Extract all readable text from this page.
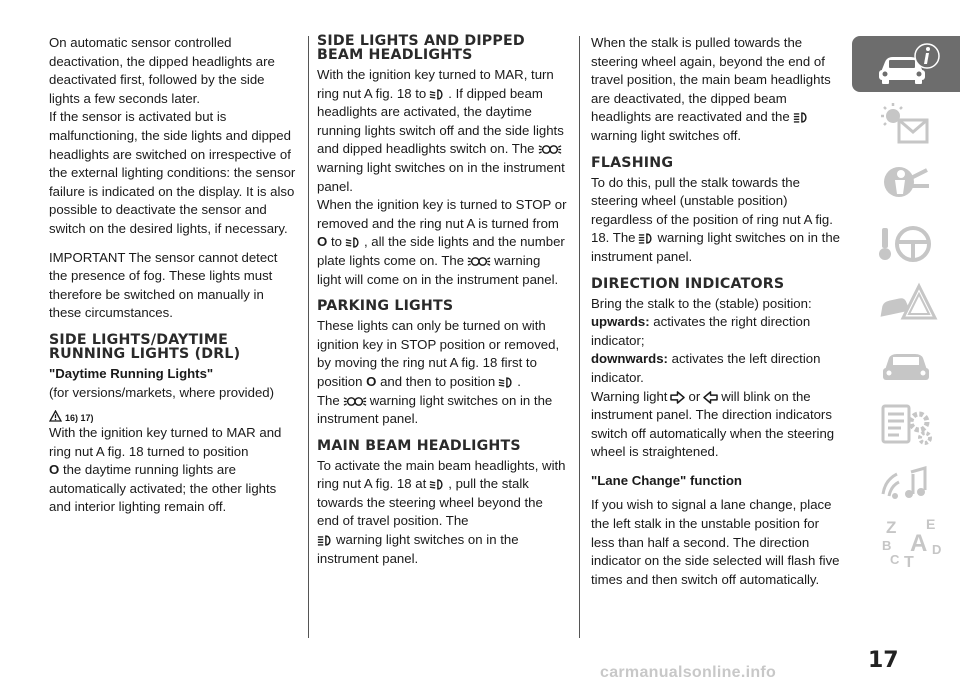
On automatic sensor controlled deactivation, the dipped headlights are deactivated first, followed by the side lights a few seconds later.

If the sensor is activated but is malfunctioning, the side lights and dipped headlights are switched on irrespective of the external lighting conditions: the sensor failure is indicated on the display. It is also possible to deactivate the sensor and switch on the desired lights, if necessary.

IMPORTANT The sensor cannot detect the presence of fog. These lights must therefore be switched on manually in these circumstances.

SIDE LIGHTS/DAYTIME RUNNING LIGHTS (DRL)
"Daytime Running Lights"
(for versions/markets, where provided)
16) 17)

With the ignition key turned to MAR and ring nut A fig. 18 turned to position
O the daytime running lights are automatically activated; the other lights and interior lighting remain off.

SIDE LIGHTS AND DIPPED BEAM HEADLIGHTS

With the ignition key turned to MAR, turn ring nut A fig. 18 to . If dipped beam headlights are activated, the daytime running lights switch off and the side lights and dipped headlights switch on. Thewarning light switches on in the instrument panel.

When the ignition key is turned to STOP or removed and the ring nut A is turned from O to , all the side lights and the number plate lights come on. The warning light will come on in the instrument panel.

PARKING LIGHTS

These lights can only be turned on with ignition key in STOP position or removed, by moving the ring nut A fig. 18 first to position O and then to position .
The warning light switches on in the instrument panel.

MAIN BEAM HEADLIGHTS

To activate the main beam headlights, with ring nut A fig. 18 at , pull the stalk towards the steering wheel beyond the end of travel position. The
warning light switches on in the instrument panel.

When the stalk is pulled towards the steering wheel again, beyond the end of travel position, the main beam headlights are deactivated, the dipped beam headlights are reactivated and thewarning light switches off.

FLASHING

To do this, pull the stalk towards the steering wheel (unstable position) regardless of the position of ring nut A fig. 18. The warning light switches on in the instrument panel.

DIRECTION INDICATORS

Bring the stalk to the (stable) position:

upwards: activates the right direction indicator;

downwards: activates the left direction indicator.

Warning light or will blink on the instrument panel. The direction indicators switch off automatically when the steering wheel is straightened.

"Lane Change" function

If you wish to signal a lane change, place the left stalk in the unstable position for less than half a second. The direction indicator on the side selected will flash five times and then switch off automatically.

Z E
B A D
C T
17
carmanualsonline.info
